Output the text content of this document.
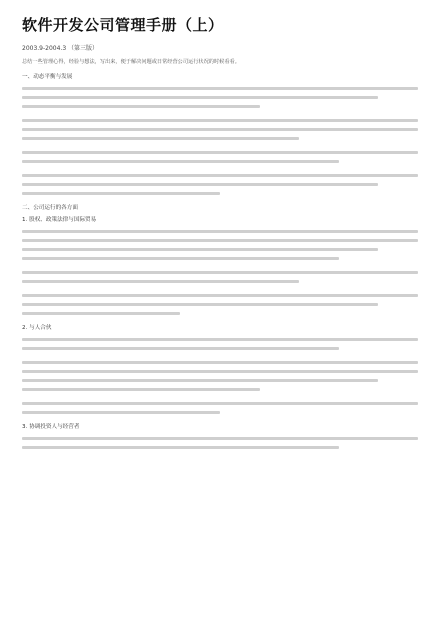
软件开发公司管理手册（上）
2003.9-2004.3 （第三版）
总结一些管理心得，经验与想法，写出来，便于解决问题或日常经营公司运行状况的时候看看。
一、动态平衡与发展
二、公司运行的各方面
1. 股权、政策法律与国际贸易
2. 与人合伙
3. 协调投资人与经营者
